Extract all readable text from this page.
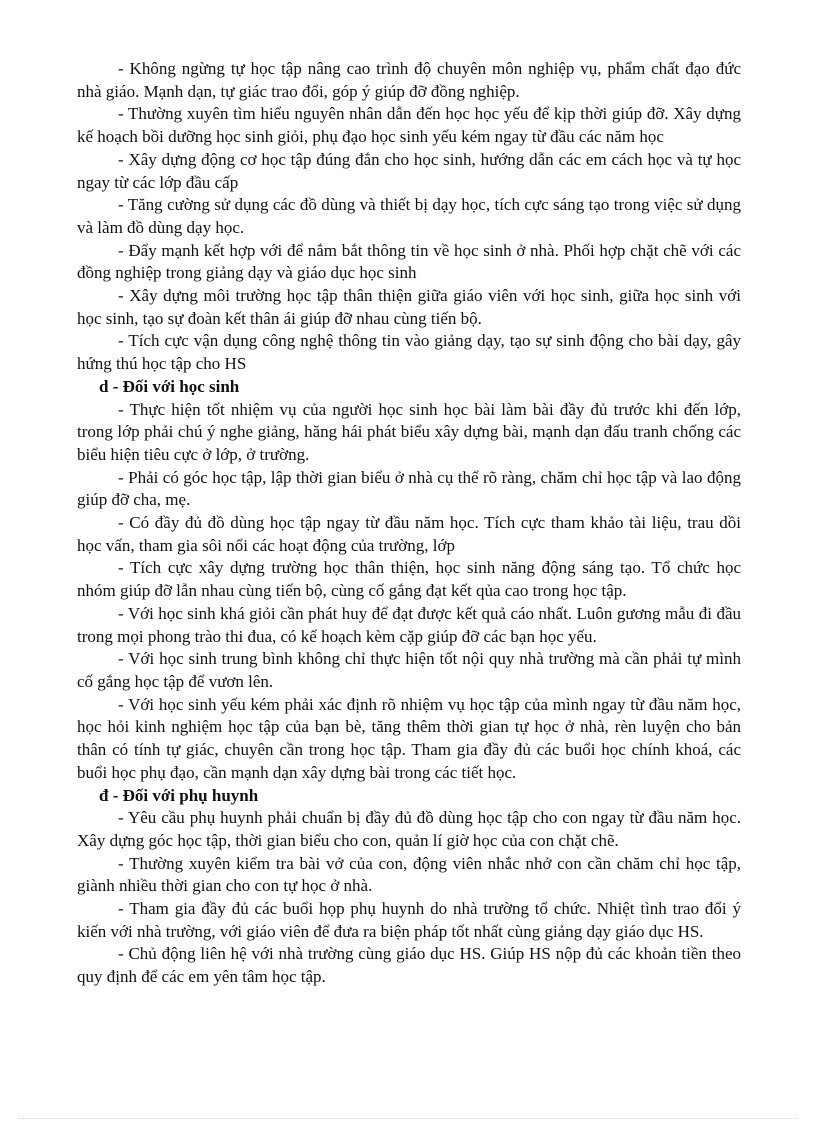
- Không ngừng tự học tập nâng cao trình độ chuyên môn nghiệp vụ, phẩm chất đạo đức nhà giáo. Mạnh dạn, tự giác trao đổi, góp ý giúp đỡ đồng nghiệp.

- Thường xuyên tìm hiểu nguyên nhân dẫn đến học học yếu để kịp thời giúp đỡ. Xây dựng kế hoạch bồi dưỡng học sinh giỏi, phụ đạo học sinh yếu kém ngay từ đầu các năm học

- Xây dựng động cơ học tập đúng đắn cho học sinh, hướng dẫn các em cách học và tự học ngay từ các lớp đầu cấp

- Tăng cường sử dụng các đồ dùng và thiết bị dạy học, tích cực sáng tạo trong việc sử dụng và làm đồ dùng dạy học.

- Đẩy mạnh kết hợp với để nắm bắt thông tin về học sinh ở nhà. Phối hợp chặt chẽ với các đồng nghiệp trong giảng dạy và giáo dục học sinh

- Xây dựng môi trường học tập thân thiện giữa giáo viên với học sinh, giữa học sinh với học sinh, tạo sự đoàn kết thân ái giúp đỡ nhau cùng tiến bộ.

- Tích cực vận dụng công nghệ thông tin vào giảng dạy, tạo sự sinh động cho bài dạy, gây hứng thú học tập cho HS

d - Đối với học sinh

- Thực hiện tốt nhiệm vụ của người học sinh học bài làm bài đầy đủ trước khi đến lớp, trong lớp phải chú ý nghe giảng, hăng hái phát biểu xây dựng bài, mạnh dạn đấu tranh chống các biểu hiện tiêu cực ở lớp, ở trường.

- Phải có góc học tập, lập thời gian biểu ở nhà cụ thể rõ ràng, chăm chỉ học tập và lao động giúp đỡ cha, mẹ.

- Có đầy đủ đồ dùng học tập ngay từ đầu năm học. Tích cực tham khảo tài liệu, trau dồi học vấn, tham gia sôi nổi các hoạt động của trường, lớp

- Tích cực xây dựng trường học thân thiện, học sinh năng động sáng tạo. Tổ chức học nhóm giúp đỡ lẫn nhau cùng tiến bộ, cùng cố gắng đạt kết qủa cao trong học tập.

- Với học sinh khá giỏi cần phát huy để đạt được kết quả cáo nhất. Luôn gương mẫu đi đầu trong mọi phong trào thi đua, có kế hoạch kèm cặp giúp đỡ các bạn học yếu.

- Với học sinh trung bình không chỉ thực hiện tốt nội quy nhà trường mà cần phải tự mình cố gắng học tập để vươn lên.

- Với học sinh yếu kém phải xác định rõ nhiệm vụ học tập của mình ngay từ đầu năm học, học hỏi kinh nghiệm học tập của bạn bè, tăng thêm thời gian tự học ở nhà, rèn luyện cho bản thân có tính tự giác, chuyên cần trong học tập. Tham gia đầy đủ các buổi học chính khoá, các buổi học phụ đạo, cần mạnh dạn xây dựng bài trong các tiết học.

đ - Đối với phụ huynh

- Yêu cầu phụ huynh phải chuẩn bị đầy đủ đồ dùng học tập cho con ngay từ đầu năm học. Xây dựng góc học tập, thời gian biểu cho con, quản lí giờ học của con chặt chẽ.

- Thường xuyên kiểm tra bài vở của con, động viên nhắc nhở con cần chăm chỉ học tập, giành nhiều thời gian cho con tự học ở nhà.

- Tham gia đầy đủ các buổi họp phụ huynh do nhà trường tổ chức. Nhiệt tình trao đổi ý kiến với nhà trường, với giáo viên để đưa ra biện pháp tốt nhất cùng giảng dạy giáo dục HS.

- Chủ động liên hệ với nhà trường cùng giáo dục HS. Giúp HS nộp đủ các khoản tiền theo quy định để các em yên tâm học tập.
